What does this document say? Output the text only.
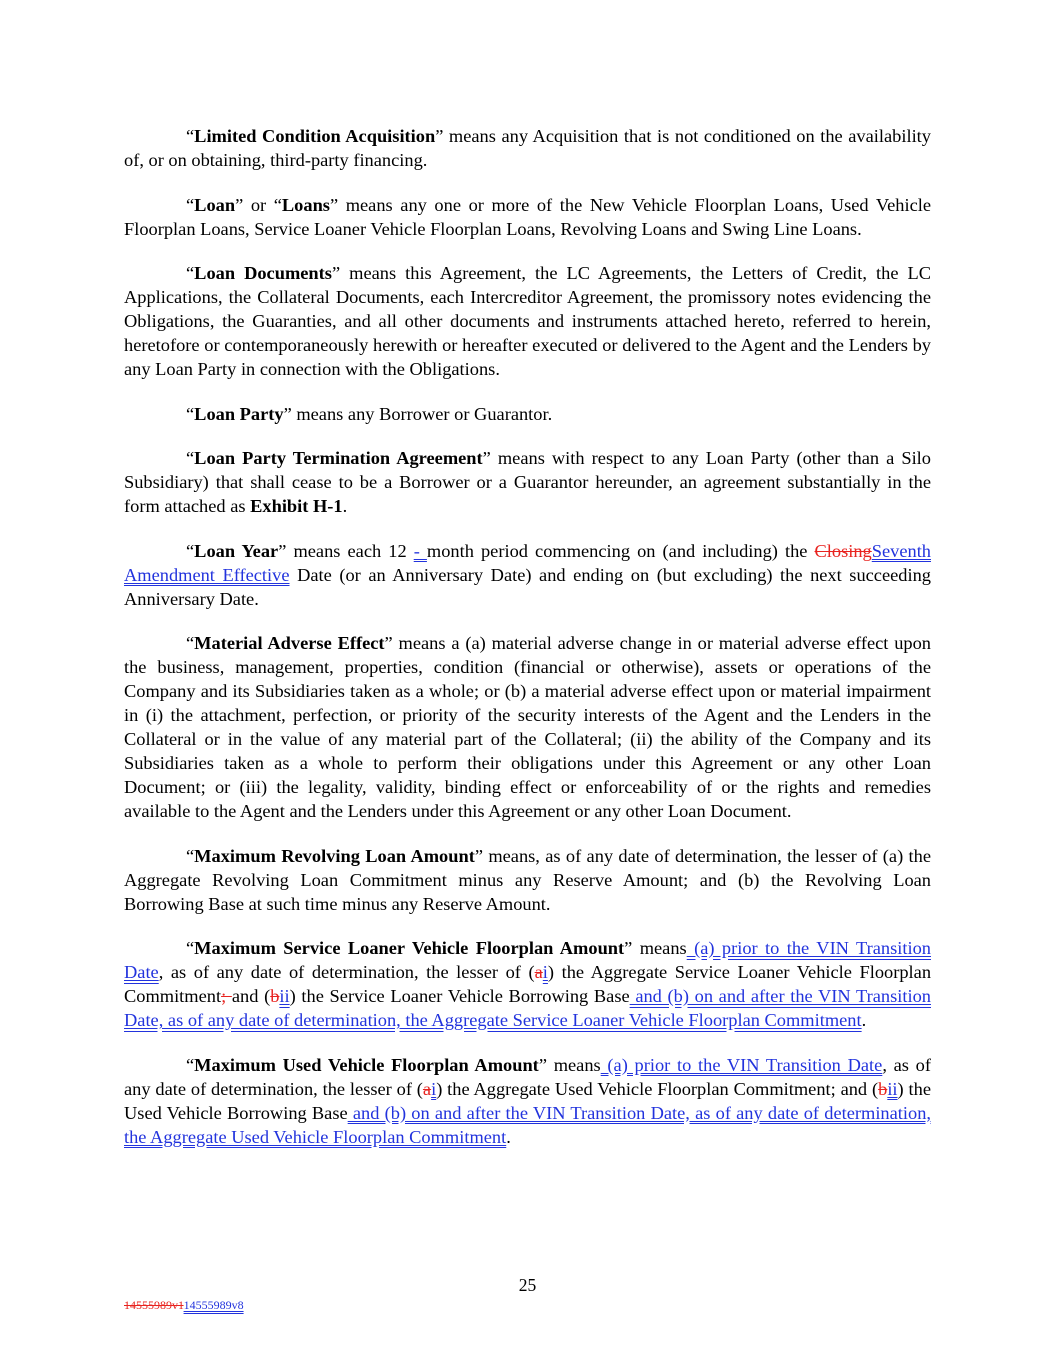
“Limited Condition Acquisition” means any Acquisition that is not conditioned on the availability of, or on obtaining, third-party financing.

“Loan” or “Loans” means any one or more of the New Vehicle Floorplan Loans, Used Vehicle Floorplan Loans, Service Loaner Vehicle Floorplan Loans, Revolving Loans and Swing Line Loans.

“Loan Documents” means this Agreement, the LC Agreements, the Letters of Credit, the LC Applications, the Collateral Documents, each Intercreditor Agreement, the promissory notes evidencing the Obligations, the Guaranties, and all other documents and instruments attached hereto, referred to herein, heretofore or contemporaneously herewith or hereafter executed or delivered to the Agent and the Lenders by any Loan Party in connection with the Obligations.

“Loan Party” means any Borrower or Guarantor.

“Loan Party Termination Agreement” means with respect to any Loan Party (other than a Silo Subsidiary) that shall cease to be a Borrower or a Guarantor hereunder, an agreement substantially in the form attached as Exhibit H-1.

“Loan Year” means each 12 - month period commencing on (and including) the ClosingSeventh Amendment Effective Date (or an Anniversary Date) and ending on (but excluding) the next succeeding Anniversary Date.

“Material Adverse Effect” means a (a) material adverse change in or material adverse effect upon the business, management, properties, condition (financial or otherwise), assets or operations of the Company and its Subsidiaries taken as a whole; or (b) a material adverse effect upon or material impairment in (i) the attachment, perfection, or priority of the security interests of the Agent and the Lenders in the Collateral or in the value of any material part of the Collateral; (ii) the ability of the Company and its Subsidiaries taken as a whole to perform their obligations under this Agreement or any other Loan Document; or (iii) the legality, validity, binding effect or enforceability of or the rights and remedies available to the Agent and the Lenders under this Agreement or any other Loan Document.

“Maximum Revolving Loan Amount” means, as of any date of determination, the lesser of (a) the Aggregate Revolving Loan Commitment minus any Reserve Amount; and (b) the Revolving Loan Borrowing Base at such time minus any Reserve Amount.

“Maximum Service Loaner Vehicle Floorplan Amount” means (a) prior to the VIN Transition Date, as of any date of determination, the lesser of (ai) the Aggregate Service Loaner Vehicle Floorplan Commitment; and (bii) the Service Loaner Vehicle Borrowing Base and (b) on and after the VIN Transition Date, as of any date of determination, the Aggregate Service Loaner Vehicle Floorplan Commitment.

“Maximum Used Vehicle Floorplan Amount” means (a) prior to the VIN Transition Date, as of any date of determination, the lesser of (ai) the Aggregate Used Vehicle Floorplan Commitment; and (bii) the Used Vehicle Borrowing Base and (b) on and after the VIN Transition Date, as of any date of determination, the Aggregate Used Vehicle Floorplan Commitment.

25
14555989v114555989v8
